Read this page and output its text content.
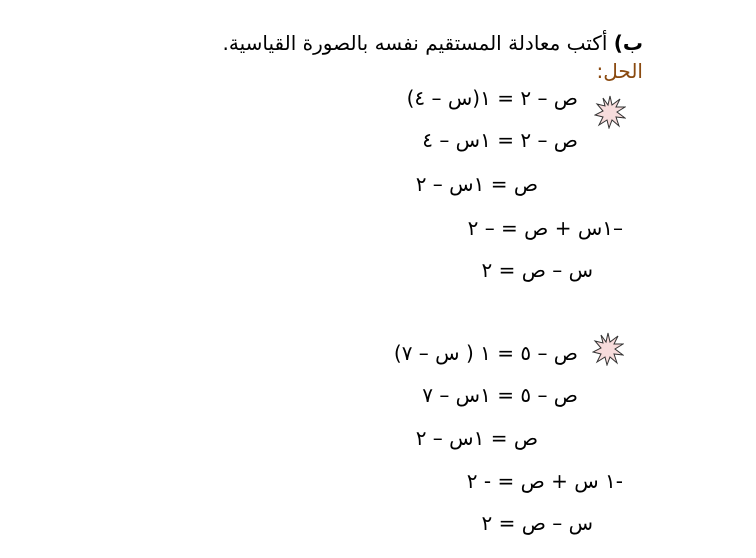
ب) أكتب معادلة المستقيم نفسه بالصورة القياسية.
الحل:
ص – ٢ = ١(س – ٤)
ص – ٢ = ١س – ٤
ص = ١س – ٢
–١س + ص = – ٢
س – ص = ٢
ص – ٥ = ١ ( س – ٧)
ص – ٥ = ١س – ٧
ص = ١س – ٢
-١ س + ص = - ٢
س – ص = ٢
